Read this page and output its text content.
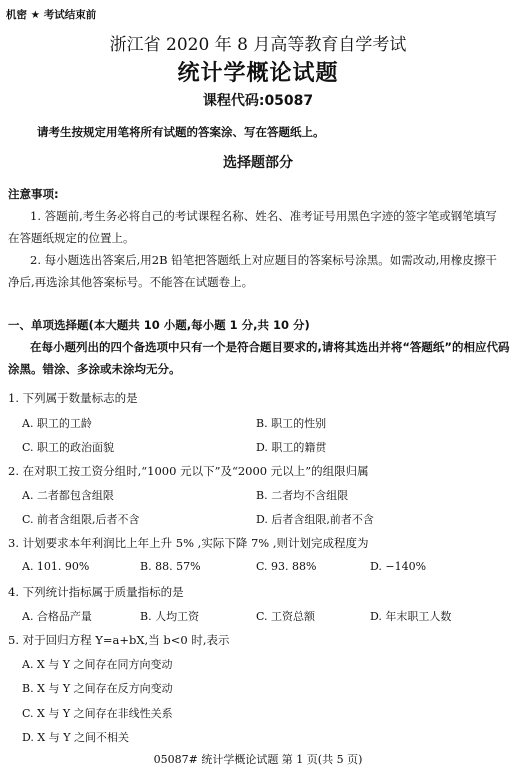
机密 ★ 考试结束前
浙江省 2020 年 8 月高等教育自学考试
统计学概论试题
课程代码:05087
请考生按规定用笔将所有试题的答案涂、写在答题纸上。
选择题部分
注意事项:
1. 答题前,考生务必将自己的考试课程名称、姓名、准考证号用黑色字迹的签字笔或钢笔填写在答题纸规定的位置上。
2. 每小题选出答案后,用2B 铅笔把答题纸上对应题目的答案标号涂黑。如需改动,用橡皮擦干净后,再选涂其他答案标号。不能答在试题卷上。
一、单项选择题(本大题共 10 小题,每小题 1 分,共 10 分)
在每小题列出的四个备选项中只有一个是符合题目要求的,请将其选出并将“答题纸”的相应代码涂黑。错涂、多涂或未涂均无分。
1. 下列属于数量标志的是
A. 职工的工龄	B. 职工的性别
C. 职工的政治面貌	D. 职工的籍贯
2. 在对职工按工资分组时,“1000 元以下”及“2000 元以上”的组限归属
A. 二者都包含组限	B. 二者均不含组限
C. 前者含组限,后者不含	D. 后者含组限,前者不含
3. 计划要求本年利润比上年上升 5% ,实际下降 7% ,则计划完成程度为
A. 101. 90%	B. 88. 57%	C. 93. 88%	D. −140%
4. 下列统计指标属于质量指标的是
A. 合格品产量	B. 人均工资	C. 工资总额	D. 年末职工人数
5. 对于回归方程 Y=a+bX,当 b<0 时,表示
A. X 与 Y 之间存在同方向变动
B. X 与 Y 之间存在反方向变动
C. X 与 Y 之间存在非线性关系
D. X 与 Y 之间不相关
05087# 统计学概论试题 第 1 页(共 5 页)
